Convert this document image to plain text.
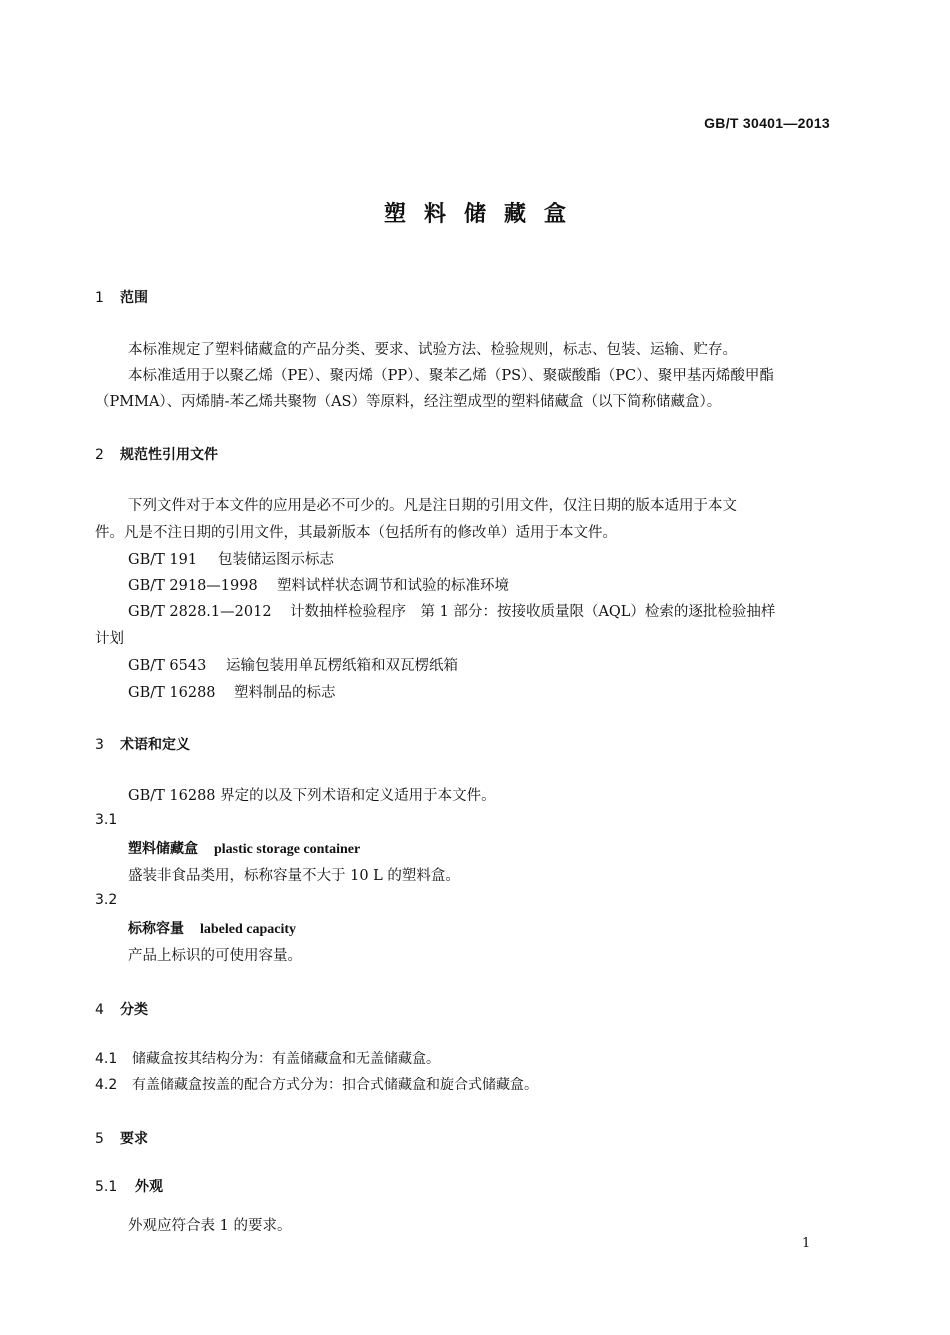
GB/T 30401—2013
塑料储藏盒
1 范围
本标准规定了塑料储藏盒的产品分类、要求、试验方法、检验规则，标志、包装、运输、贮存。
本标准适用于以聚乙烯（PE）、聚丙烯（PP）、聚苯乙烯（PS）、聚碳酸酯（PC）、聚甲基丙烯酸甲酯
（PMMA）、丙烯腈-苯乙烯共聚物（AS）等原料，经注塑成型的塑料储藏盒（以下简称储藏盒）。
2 规范性引用文件
下列文件对于本文件的应用是必不可少的。凡是注日期的引用文件，仅注日期的版本适用于本文
件。凡是不注日期的引用文件，其最新版本（包括所有的修改单）适用于本文件。
GB/T 191 包装储运图示标志
GB/T 2918—1998 塑料试样状态调节和试验的标准环境
GB/T 2828.1—2012 计数抽样检验程序　第 1 部分：按接收质量限（AQL）检索的逐批检验抽样
计划
GB/T 6543 运输包装用单瓦楞纸箱和双瓦楞纸箱
GB/T 16288 塑料制品的标志
3 术语和定义
GB/T 16288 界定的以及下列术语和定义适用于本文件。
3.1
塑料储藏盒 plastic storage container
盛装非食品类用，标称容量不大于 10 L 的塑料盒。
3.2
标称容量 labeled capacity
产品上标识的可使用容量。
4 分类
4.1 储藏盒按其结构分为：有盖储藏盒和无盖储藏盒。
4.2 有盖储藏盒按盖的配合方式分为：扣合式储藏盒和旋合式储藏盒。
5 要求
5.1 外观
外观应符合表 1 的要求。
1
